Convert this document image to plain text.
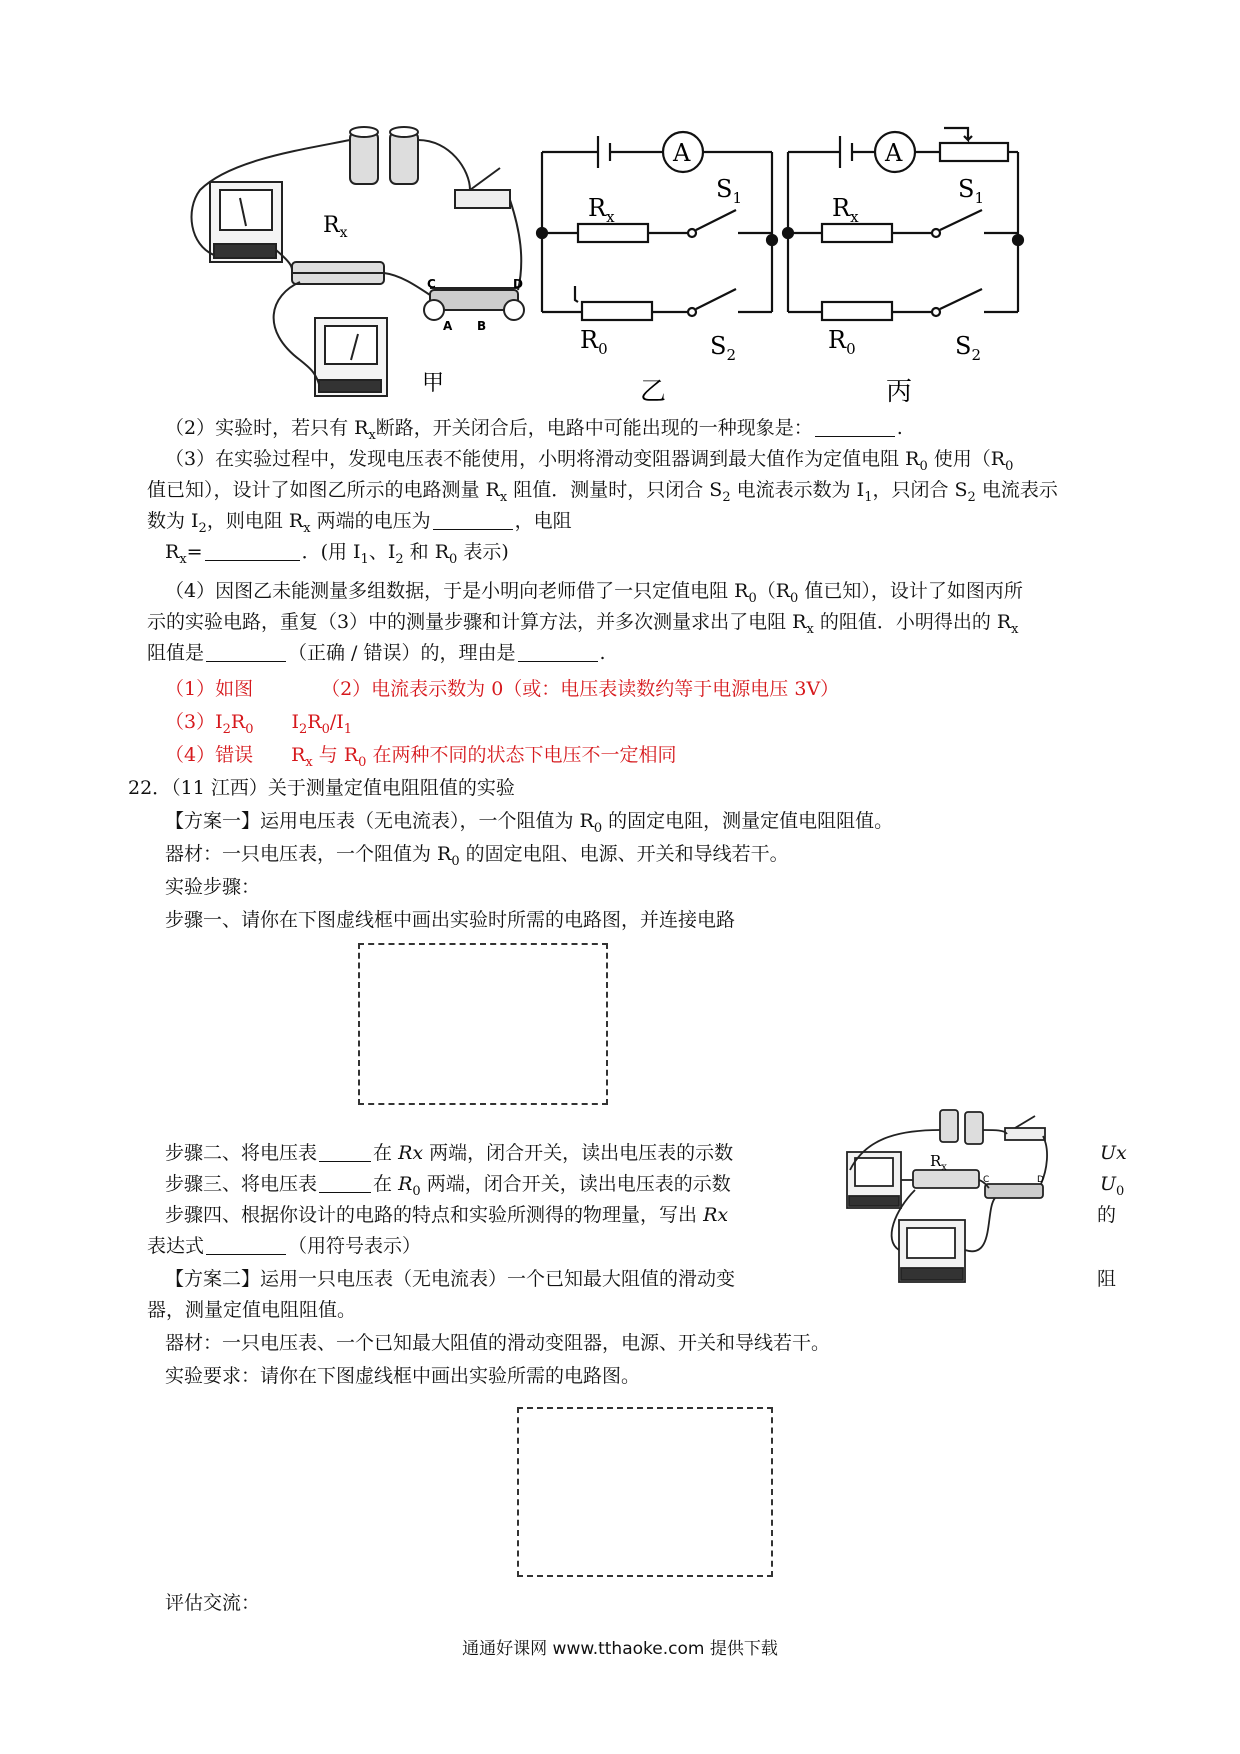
$R_x$
C	D
A B
甲
A
$R_x$
$S_1$
$R_0$	$S_2$
乙
A
$R_x$
$S_1$
$R_0$	$S_2$
丙
（2）实验时，若只有 $R_x$断路，开关闭合后，电路中可能出现的一种现象是：	.
（3）在实验过程中，发现电压表不能使用，小明将滑动变阻器调到最大值作为定值电阻 $R_0$ 使用（$R_0$
值已知），设计了如图乙所示的电路测量 $R_x$ 阻值．测量时，只闭合 $S_2$ 电流表示数为 $I_1$，只闭合 $S_2$ 电流表示
数为 $I_2$，则电阻 $R_x$ 两端的电压为	，电阻
$R_x=$	．(用 $I_1$、$I_2$ 和 $R_0$ 表示)
（4）因图乙未能测量多组数据，于是小明向老师借了一只定值电阻 $R_0(R_0$ 值已知），设计了如图丙所
示的实验电路，重复（3）中的测量步骤和计算方法，并多次测量求出了电阻 $R_x$ 的阻值．小明得出的 $R_x$
阻值是	（正确 / 错误）的，理由是	.
（1）如图	（2）电流表示数为 0（或：电压表读数约等于电源电压 3V）
$(3)I_2R_0$ $I_2R_0/I_1$
（4）错误 $R_x$ 与 $R_0$ 在两种不同的状态下电压不一定相同
22．（11 江西）关于测量定值电阻阻值的实验
【方案一】运用电压表（无电流表），一个阻值为 $R_0$ 的固定电阻，测量定值电阻阻值。
器材：一只电压表，一个阻值为 $R_0$ 的固定电阻、电源、开关和导线若干。
实验步骤：
步骤一、请你在下图虚线框中画出实验时所需的电路图，并连接电路
$R_x$
C	D
步骤二、将电压表	在 Rx 两端，闭合开关，读出电压表的示数	Ux
步骤三、将电压表	在 $R_0$ 两端，闭合开关，读出电压表的示数	$U_0$
步骤四、根据你设计的电路的特点和实验所测得的物理量，写出 Rx	的
表达式	（用符号表示）
【方案二】运用一只电压表（无电流表）一个已知最大阻值的滑动变	阻
器，测量定值电阻阻值。
器材：一只电压表、一个已知最大阻值的滑动变阻器，电源、开关和导线若干。
实验要求：请你在下图虚线框中画出实验所需的电路图。
评估交流：
通通好课网 www.tthaoke.com 提供下载
